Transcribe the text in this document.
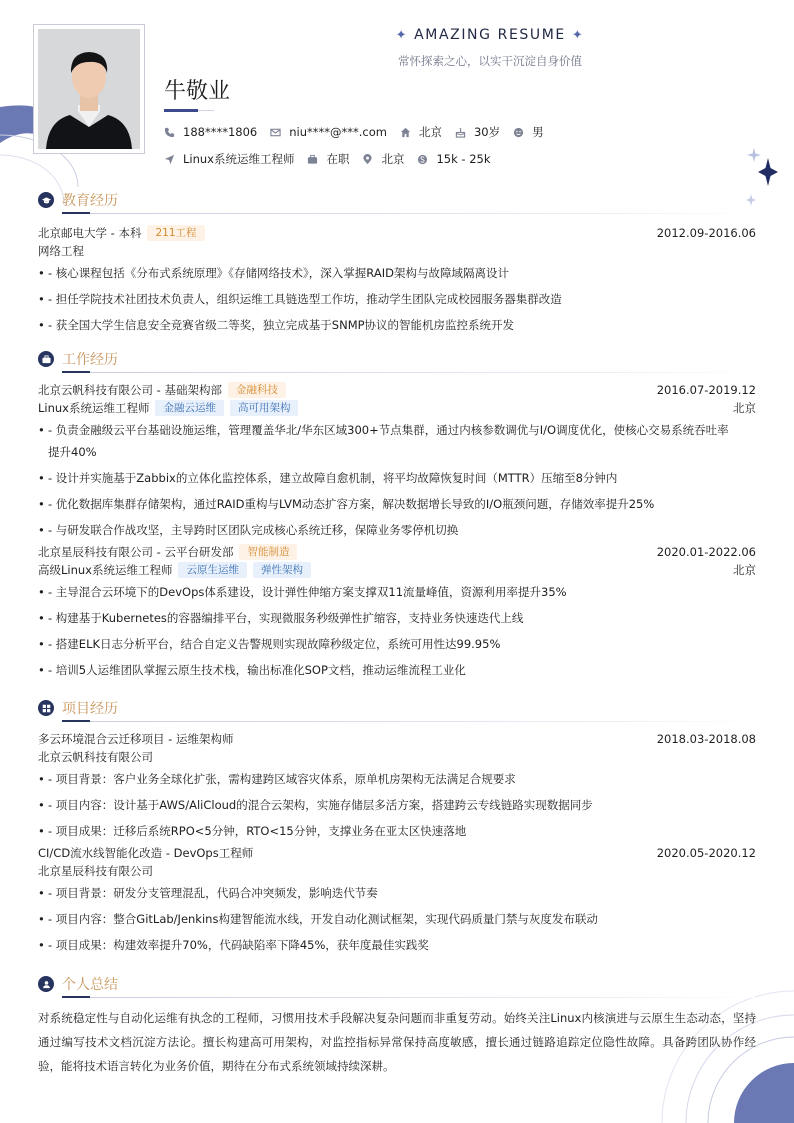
✦ AMAZING RESUME ✦
常怀探索之心，以实干沉淀自身价值
牛敬业
188****1806	niu****@***.com	北京	30岁	男
Linux系统运维工程师	在职	北京	15k - 25k
教育经历
北京邮电大学 - 本科	211工程	2012.09-2016.06
网络工程
• - 核心课程包括《分布式系统原理》《存储网络技术》，深入掌握RAID架构与故障域隔离设计
• - 担任学院技术社团技术负责人，组织运维工具链选型工作坊，推动学生团队完成校园服务器集群改造
• - 获全国大学生信息安全竞赛省级二等奖，独立完成基于SNMP协议的智能机房监控系统开发
工作经历
北京云帆科技有限公司 - 基础架构部	金融科技	2016.07-2019.12
Linux系统运维工程师	金融云运维	高可用架构	北京
• - 负责金融级云平台基础设施运维，管理覆盖华北/华东区域300+节点集群，通过内核参数调优与I/O调度优化，使核心交易系统吞吐率
提升40%
• - 设计并实施基于Zabbix的立体化监控体系，建立故障自愈机制，将平均故障恢复时间（MTTR）压缩至8分钟内
• - 优化数据库集群存储架构，通过RAID重构与LVM动态扩容方案，解决数据增长导致的I/O瓶颈问题，存储效率提升25%
• - 与研发联合作战攻坚，主导跨时区团队完成核心系统迁移，保障业务零停机切换
北京星辰科技有限公司 - 云平台研发部	智能制造	2020.01-2022.06
高级Linux系统运维工程师	云原生运维	弹性架构	北京
• - 主导混合云环境下的DevOps体系建设，设计弹性伸缩方案支撑双11流量峰值，资源利用率提升35%
• - 构建基于Kubernetes的容器编排平台，实现微服务秒级弹性扩缩容，支持业务快速迭代上线
• - 搭建ELK日志分析平台，结合自定义告警规则实现故障秒级定位，系统可用性达99.95%
• - 培训5人运维团队掌握云原生技术栈，输出标准化SOP文档，推动运维流程工业化
项目经历
多云环境混合云迁移项目 - 运维架构师	2018.03-2018.08
北京云帆科技有限公司
• - 项目背景：客户业务全球化扩张，需构建跨区域容灾体系，原单机房架构无法满足合规要求
• - 项目内容：设计基于AWS/AliCloud的混合云架构，实施存储层多活方案，搭建跨云专线链路实现数据同步
• - 项目成果：迁移后系统RPO<5分钟，RTO<15分钟，支撑业务在亚太区快速落地
CI/CD流水线智能化改造 - DevOps工程师	2020.05-2020.12
北京星辰科技有限公司
• - 项目背景：研发分支管理混乱，代码合冲突频发，影响迭代节奏
• - 项目内容：整合GitLab/Jenkins构建智能流水线，开发自动化测试框架，实现代码质量门禁与灰度发布联动
• - 项目成果：构建效率提升70%，代码缺陷率下降45%，获年度最佳实践奖
个人总结

对系统稳定性与自动化运维有执念的工程师，习惯用技术手段解决复杂问题而非重复劳动。始终关注Linux内核演进与云原生生态动态，坚持通过编写技术文档沉淀方法论。擅长构建高可用架构，对监控指标异常保持高度敏感，擅长通过链路追踪定位隐性故障。具备跨团队协作经验，能将技术语言转化为业务价值，期待在分布式系统领域持续深耕。
